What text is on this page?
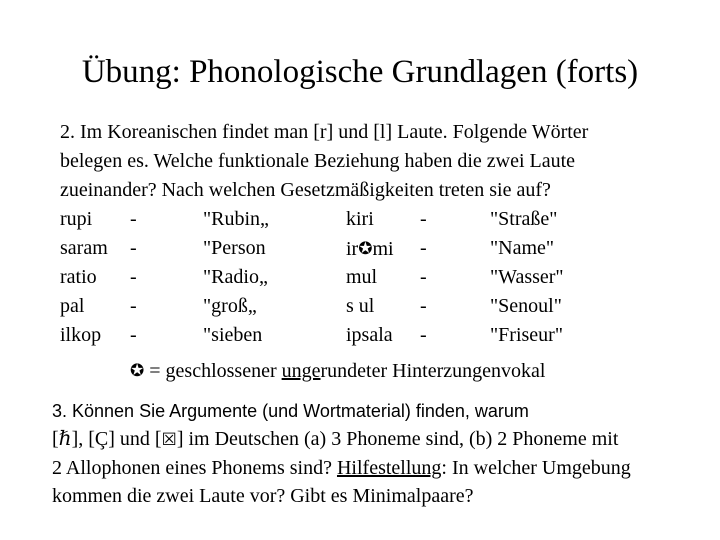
Übung: Phonologische Grundlagen (forts)
2. Im Koreanischen findet man [r] und [l] Laute. Folgende Wörter
belegen es. Welche funktionale Beziehung haben die zwei Laute
zueinander? Nach welchen Gesetzmäßigkeiten treten sie auf?
rupi -	"Rubin„	kiri -	"Straße"
saram -	"Person	ir✪mi -	"Name"
ratio -	"Radio„	mul -	"Wasser"
pal -	"groß„	s ul -	"Senoul"
ilkop -	"sieben	ipsala -	"Friseur"
✪ = geschlossener ungerundeter Hinterzungenvokal
3. Können Sie Argumente (und Wortmaterial) finden, warum
[ℏ], [Ç] und [☒] im Deutschen (a) 3 Phoneme sind, (b) 2 Phoneme mit
2 Allophonen eines Phonems sind? Hilfestellung: In welcher Umgebung
kommen die zwei Laute vor? Gibt es Minimalpaare?
